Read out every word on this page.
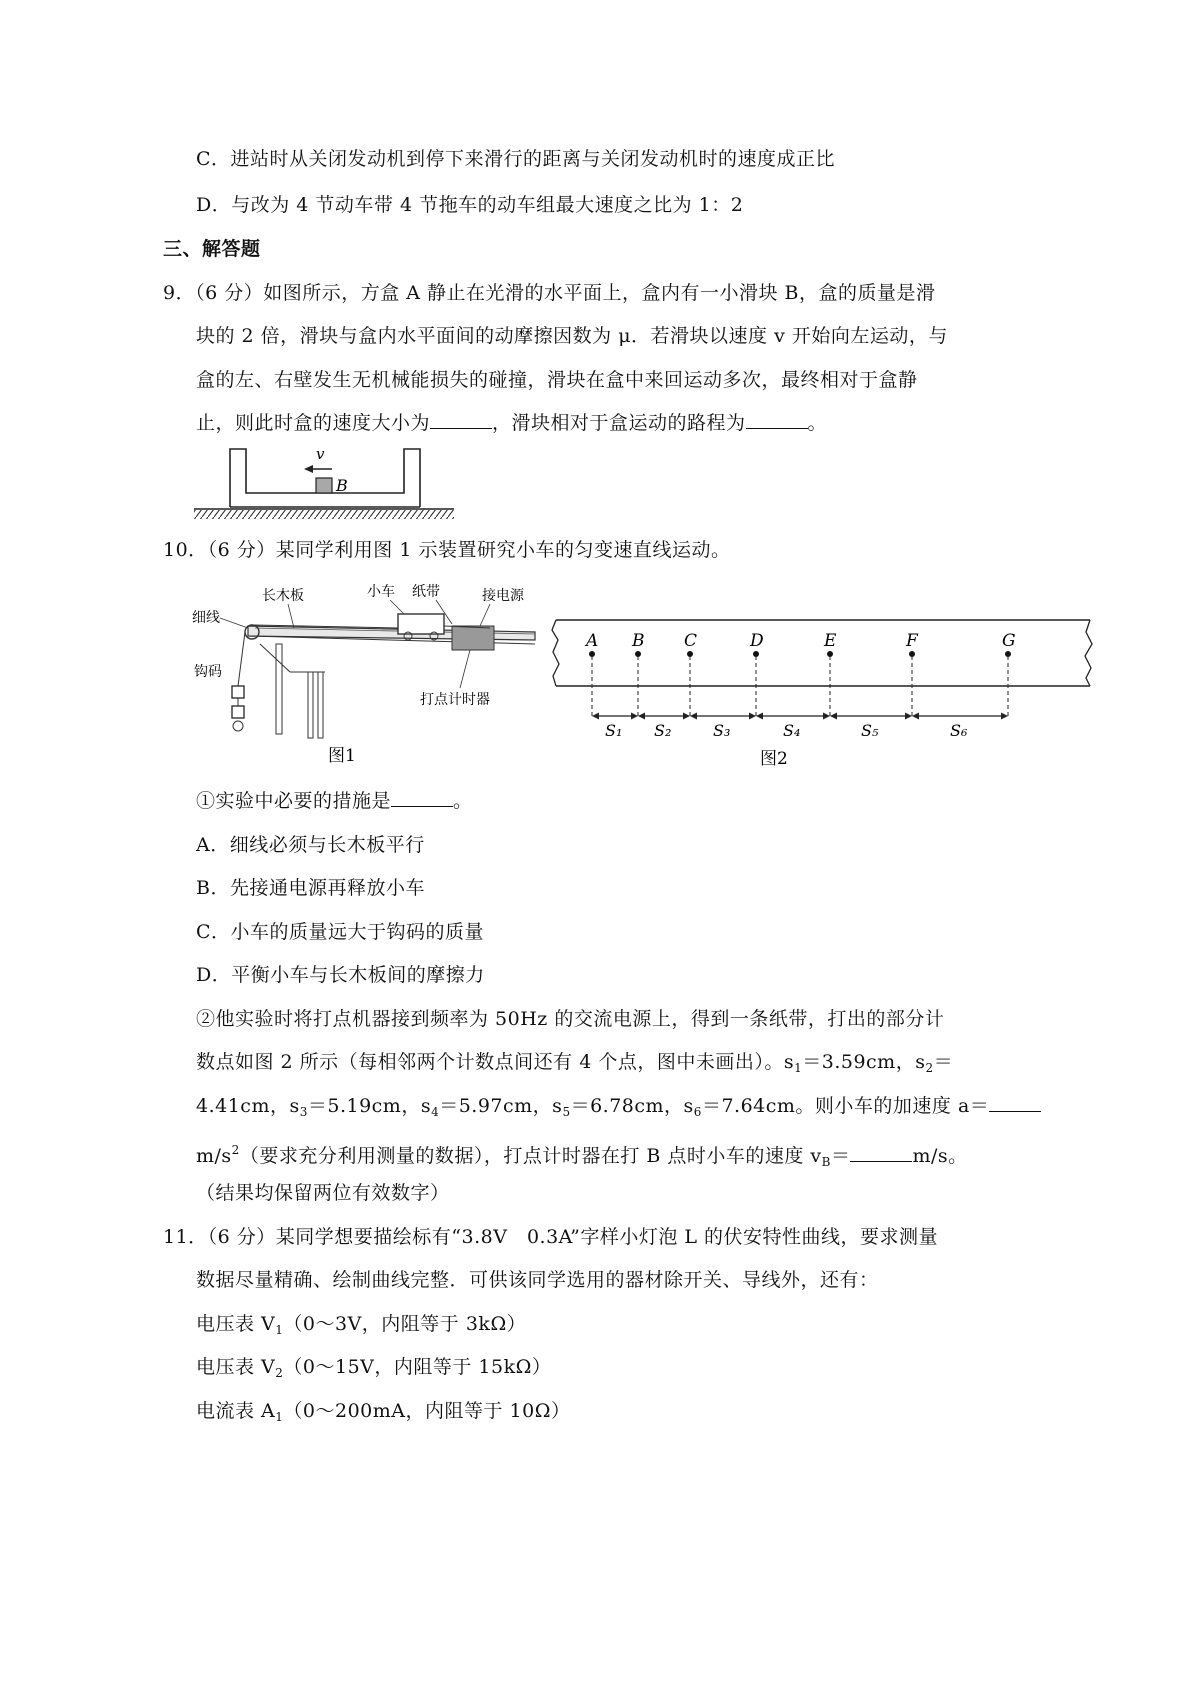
C．进站时从关闭发动机到停下来滑行的距离与关闭发动机时的速度成正比
D．与改为 4 节动车带 4 节拖车的动车组最大速度之比为 1：2
三、解答题
9．（6 分）如图所示，方盒 A 静止在光滑的水平面上，盒内有一小滑块 B，盒的质量是滑
块的 2 倍，滑块与盒内水平面间的动摩擦因数为 μ．若滑块以速度 v 开始向左运动，与
盒的左、右壁发生无机械能损失的碰撞，滑块在盒中来回运动多次，最终相对于盒静
止，则此时盒的速度大小为	，滑块相对于盒运动的路程为	。
B
v
10．（6 分）某同学利用图 1 示装置研究小车的匀变速直线运动。
细线
长木板	小车 纸带	接电源
钩码
打点计时器
图1
A B C	D	E	F	G
S₁ S₂	S₃	S₄	S₅	S₆
图2
①实验中必要的措施是	。
A．细线必须与长木板平行
B．先接通电源再释放小车
C．小车的质量远大于钩码的质量
D．平衡小车与长木板间的摩擦力
②他实验时将打点机器接到频率为 50Hz 的交流电源上，得到一条纸带，打出的部分计
数点如图 2 所示（每相邻两个计数点间还有 4 个点，图中未画出）。$s_1=3.59cm$，$s_2=$
4.41cm，$s_3=5.19cm$，$s_4=5.97cm$，$s_5=6.78cm$，$s_6=7.64cm$。则小车的加速度 a＝
$m/s^2$（要求充分利用测量的数据），打点计时器在打 B 点时小车的速度 $v_B=$	m/s。
（结果均保留两位有效数字）
11．（6 分）某同学想要描绘标有“3.8V　0.3A”字样小灯泡 L 的伏安特性曲线，要求测量
数据尽量精确、绘制曲线完整．可供该同学选用的器材除开关、导线外，还有：
电压表 $V_1(0\sim 3V$，内阻等于 3kΩ）
电压表 $V_2(0\sim 15V$，内阻等于 15kΩ）
电流表 $A_1(0\sim 200mA$，内阻等于 10Ω）
